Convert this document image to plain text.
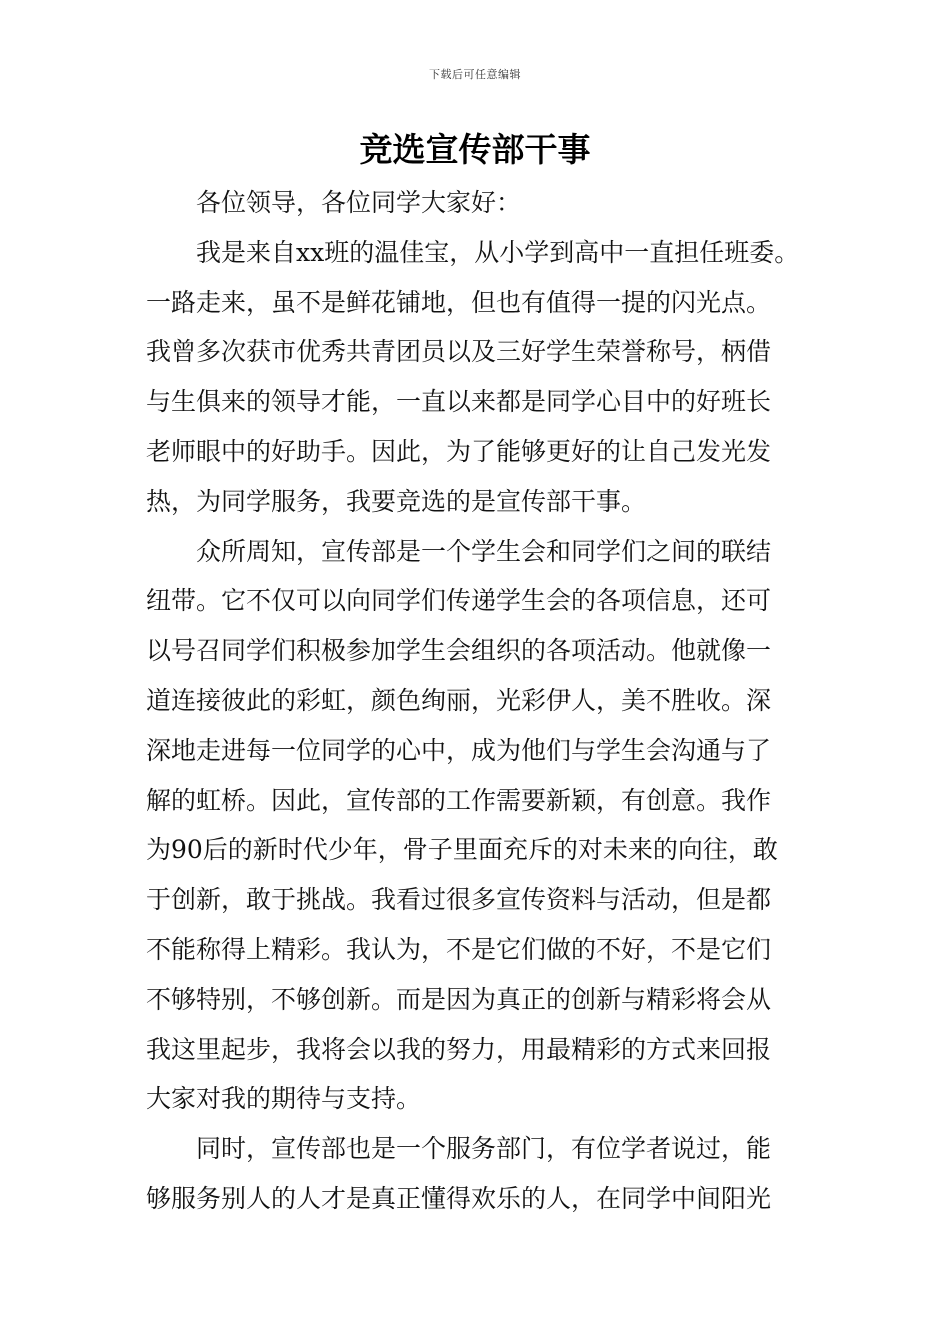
下载后可任意编辑
竞选宣传部干事
各位领导，各位同学大家好：
我是来自xx班的温佳宝，从小学到高中一直担任班委。
一路走来，虽不是鲜花铺地，但也有值得一提的闪光点。
我曾多次获市优秀共青团员以及三好学生荣誉称号，柄借
与生俱来的领导才能，一直以来都是同学心目中的好班长
老师眼中的好助手。因此，为了能够更好的让自己发光发
热，为同学服务，我要竞选的是宣传部干事。
众所周知，宣传部是一个学生会和同学们之间的联结
纽带。它不仅可以向同学们传递学生会的各项信息，还可
以号召同学们积极参加学生会组织的各项活动。他就像一
道连接彼此的彩虹，颜色绚丽，光彩伊人，美不胜收。深
深地走进每一位同学的心中，成为他们与学生会沟通与了
解的虹桥。因此，宣传部的工作需要新颖，有创意。我作
为90后的新时代少年，骨子里面充斥的对未来的向往，敢
于创新，敢于挑战。我看过很多宣传资料与活动，但是都
不能称得上精彩。我认为，不是它们做的不好，不是它们
不够特别，不够创新。而是因为真正的创新与精彩将会从
我这里起步，我将会以我的努力，用最精彩的方式来回报
大家对我的期待与支持。
同时，宣传部也是一个服务部门，有位学者说过，能
够服务别人的人才是真正懂得欢乐的人，在同学中间阳光
